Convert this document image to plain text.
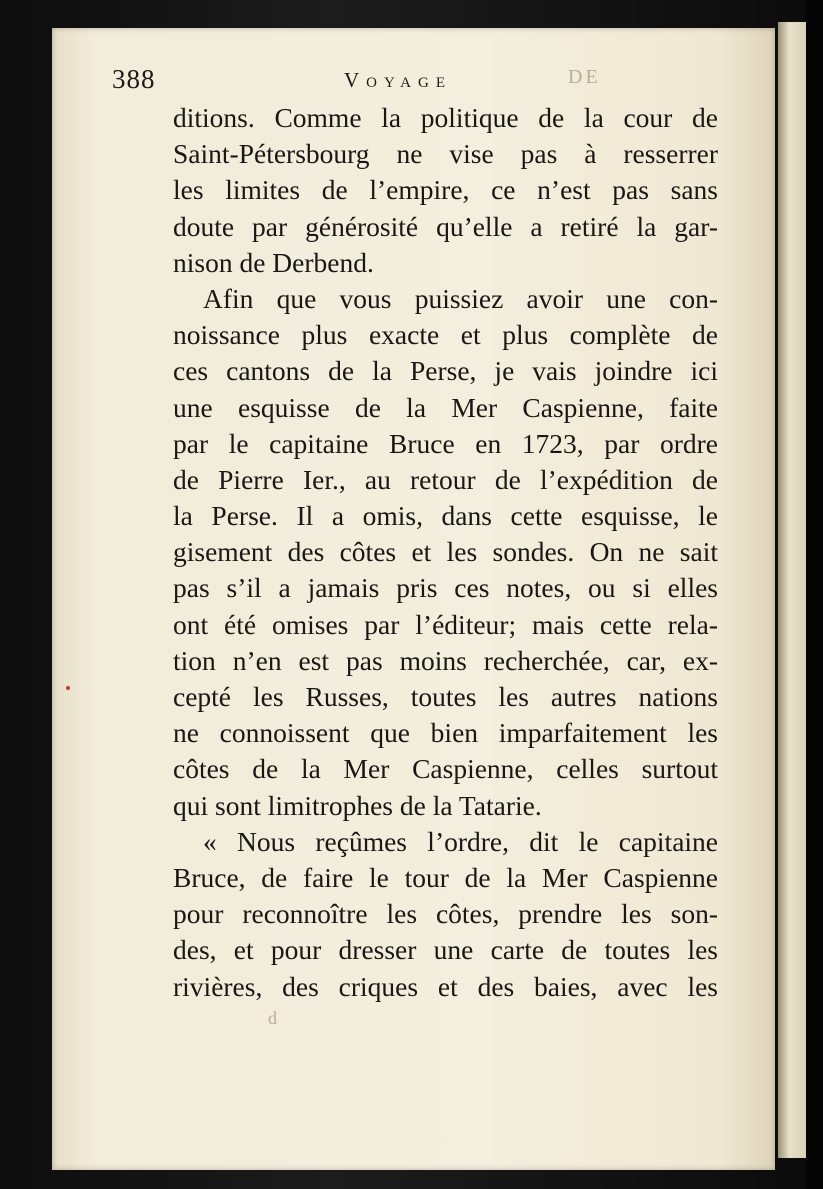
DE
d
388	Voyage
ditions. Comme la politique de la cour de
Saint-Pétersbourg ne vise pas à resserrer
les limites de l’empire, ce n’est pas sans
doute par générosité qu’elle a retiré la gar-
nison de Derbend.
Afin que vous puissiez avoir une con-
noissance plus exacte et plus complète de
ces cantons de la Perse, je vais joindre ici
une esquisse de la Mer Caspienne, faite
par le capitaine Bruce en 1723, par ordre
de Pierre Ier., au retour de l’expédition de
la Perse. Il a omis, dans cette esquisse, le
gisement des côtes et les sondes. On ne sait
pas s’il a jamais pris ces notes, ou si elles
ont été omises par l’éditeur; mais cette rela-
tion n’en est pas moins recherchée, car, ex-
cepté les Russes, toutes les autres nations
ne connoissent que bien imparfaitement les
côtes de la Mer Caspienne, celles surtout
qui sont limitrophes de la Tatarie.
« Nous reçûmes l’ordre, dit le capitaine
Bruce, de faire le tour de la Mer Caspienne
pour reconnoître les côtes, prendre les son-
des, et pour dresser une carte de toutes les
rivières, des criques et des baies, avec les
